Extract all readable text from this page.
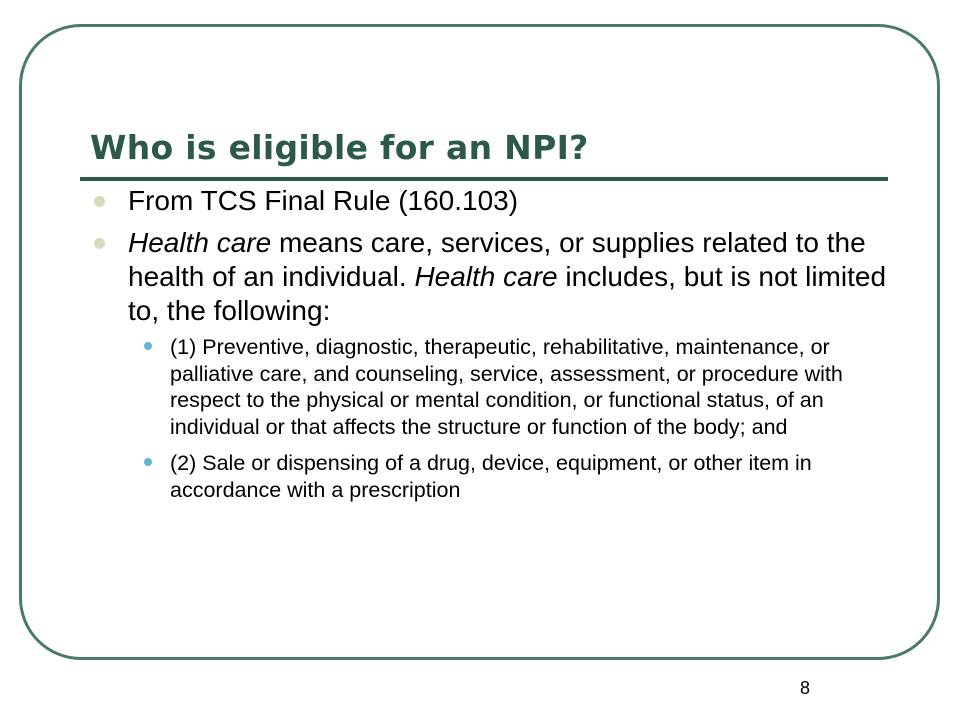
Who is eligible for an NPI?
From TCS Final Rule (160.103)
Health care means care, services, or supplies related to the health of an individual. Health care includes, but is not limited to, the following:
(1) Preventive, diagnostic, therapeutic, rehabilitative, maintenance, or palliative care, and counseling, service, assessment, or procedure with respect to the physical or mental condition, or functional status, of an individual or that affects the structure or function of the body; and
(2) Sale or dispensing of a drug, device, equipment, or other item in accordance with a prescription
8
